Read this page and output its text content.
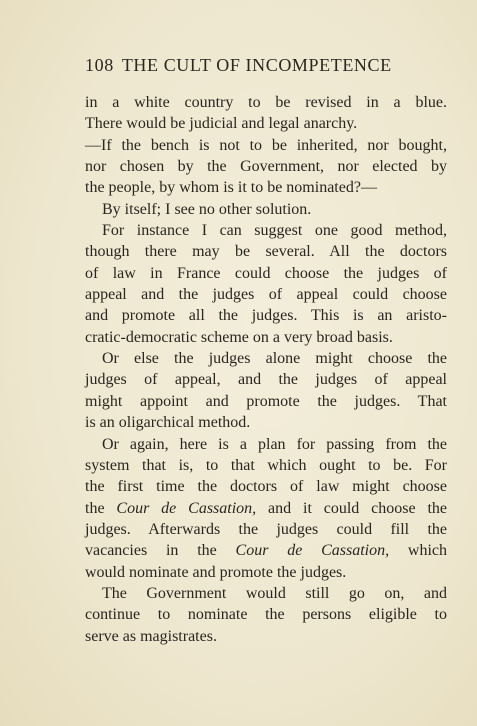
108 THE CULT OF INCOMPETENCE
in a white country to be revised in a blue.
There would be judicial and legal anarchy.
—If the bench is not to be inherited, nor bought,
nor chosen by the Government, nor elected by
the people, by whom is it to be nominated?—
By itself; I see no other solution.
For instance I can suggest one good method,
though there may be several. All the doctors
of law in France could choose the judges of
appeal and the judges of appeal could choose
and promote all the judges. This is an aristo-
cratic-democratic scheme on a very broad basis.
Or else the judges alone might choose the
judges of appeal, and the judges of appeal
might appoint and promote the judges. That
is an oligarchical method.
Or again, here is a plan for passing from the
system that is, to that which ought to be. For
the first time the doctors of law might choose
the Cour de Cassation, and it could choose the
judges. Afterwards the judges could fill the
vacancies in the Cour de Cassation, which
would nominate and promote the judges.
The Government would still go on, and
continue to nominate the persons eligible to
serve as magistrates.
